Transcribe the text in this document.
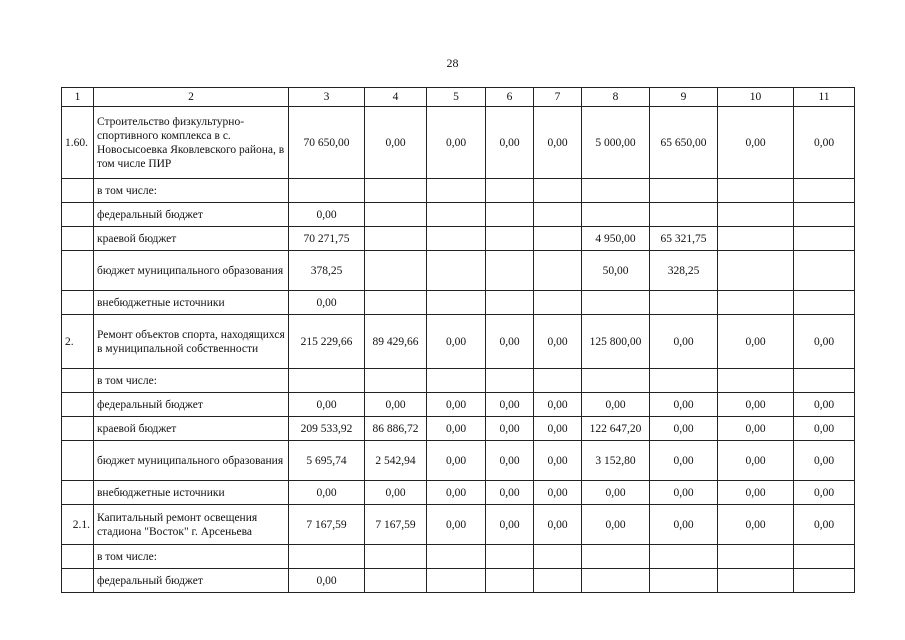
28
1	2	3	4	5	6	7	8	9	10	11
1.60.	Строительство физкультурно-спортивного комплекса в с. Новосысоевка Яковлевского района, в том числе ПИР	70 650,00	0,00	0,00	0,00	0,00	5 000,00	65 650,00	0,00	0,00
	в том числе:									
	федеральный бюджет	0,00								
	краевой бюджет	70 271,75					4 950,00	65 321,75		
	бюджет муниципального образования	378,25					50,00	328,25		
	внебюджетные источники	0,00								
2.	Ремонт объектов спорта, находящихся в муниципальной собственности	215 229,66	89 429,66	0,00	0,00	0,00	125 800,00	0,00	0,00	0,00
	в том числе:									
	федеральный бюджет	0,00	0,00	0,00	0,00	0,00	0,00	0,00	0,00	0,00
	краевой бюджет	209 533,92	86 886,72	0,00	0,00	0,00	122 647,20	0,00	0,00	0,00
	бюджет муниципального образования	5 695,74	2 542,94	0,00	0,00	0,00	3 152,80	0,00	0,00	0,00
	внебюджетные источники	0,00	0,00	0,00	0,00	0,00	0,00	0,00	0,00	0,00
2.1.	Капитальный ремонт освещения стадиона "Восток" г. Арсеньева	7 167,59	7 167,59	0,00	0,00	0,00	0,00	0,00	0,00	0,00
	в том числе:									
	федеральный бюджет	0,00								
